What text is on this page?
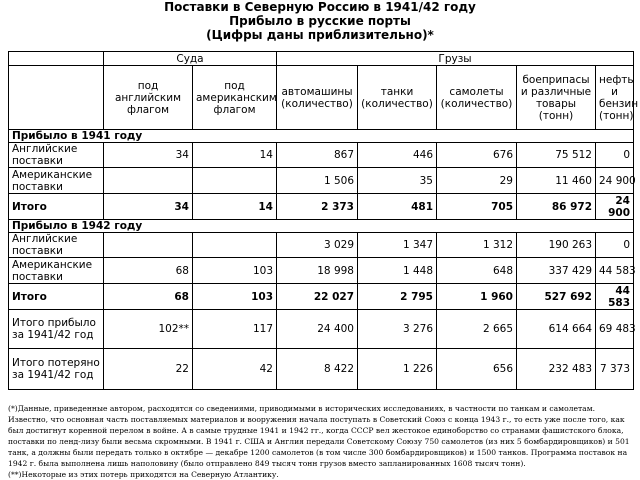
Поставки в Северную Россию в 1941/42 году
Прибыло в русские порты
(Цифры даны приблизительно)*
	Суда		Грузы				
	под английским флагом	под американским флагом	автомашины (количество)	танки (количество)	самолеты (количество)	боеприпасы и различные товары (тонн)	нефть и бензин (тонн)
Прибыло в 1941 году							
Английские поставки	34	14	867	446	676	75 512	0
Американские поставки			1 506	35	29	11 460	24 900
Итого	34	14	2 373	481	705	86 972	24 900
Прибыло в 1942 году							
Английские поставки			3 029	1 347	1 312	190 263	0
Американские поставки	68	103	18 998	1 448	648	337 429	44 583
Итого	68	103	22 027	2 795	1 960	527 692	44 583
Итого прибыло за 1941/42 год	102**	117	24 400	3 276	2 665	614 664	69 483
Итого потеряно за 1941/42 год	22	42	8 422	1 226	656	232 483	7 373

(*)Данные, приведенные автором, расходятся со сведениями, приводимыми в исторических исследованиях, в частности по танкам и самолетам. Известно, что основная часть поставляемых материалов и вооружения начала поступать в Советский Союз с конца 1943 г., то есть уже после того, как был достигнут коренной перелом в войне. А в самые трудные 1941 и 1942 гг., когда СССР вел жестокое единоборство со странами фашистского блока, поставки по ленд-лизу были весьма скромными. В 1941 г. США и Англия передали Советскому Союзу 750 самолетов (из них 5 бомбардировщиков) и 501 танк, а должны были передать только в октябре — декабре 1200 самолетов (в том числе 300 бомбардировщиков) и 1500 танков. Программа поставок на 1942 г. была выполнена лишь наполовину (было отправлено 849 тысяч тонн грузов вместо запланированных 1608 тысяч тонн).

(**)Некоторые из этих потерь приходятся на Северную Атлантику.
